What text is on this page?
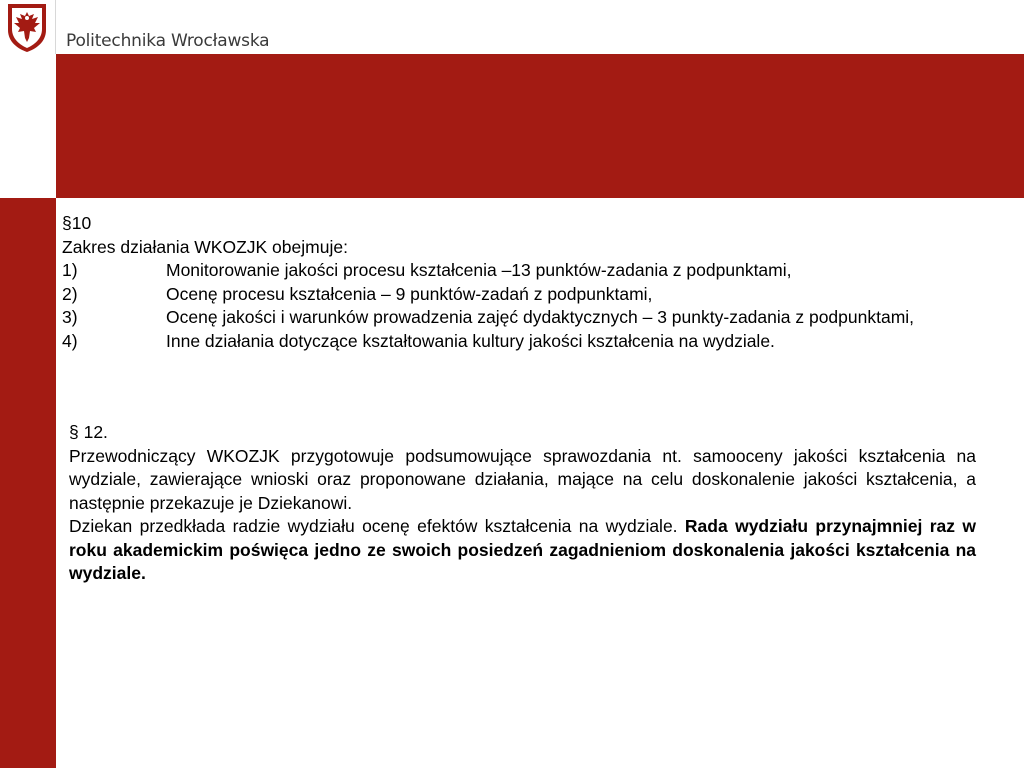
Politechnika Wrocławska
§10
Zakres działania WKOZJK obejmuje:
1)	Monitorowanie jakości procesu kształcenia –13 punktów-zadania z podpunktami,
2)	Ocenę procesu kształcenia – 9 punktów-zadań z podpunktami,
3)	Ocenę jakości i warunków prowadzenia zajęć dydaktycznych – 3 punkty-zadania z podpunktami,
4)	Inne działania dotyczące kształtowania kultury jakości kształcenia na wydziale.
§ 12.

Przewodniczący WKOZJK przygotowuje podsumowujące sprawozdania nt. samooceny jakości kształcenia na wydziale, zawierające wnioski oraz proponowane działania, mające na celu doskonalenie jakości kształcenia, a następnie przekazuje je Dziekanowi.

Dziekan przedkłada radzie wydziału ocenę efektów kształcenia na wydziale. Rada wydziału przynajmniej raz w roku akademickim poświęca jedno ze swoich posiedzeń zagadnieniom doskonalenia jakości kształcenia na wydziale.
